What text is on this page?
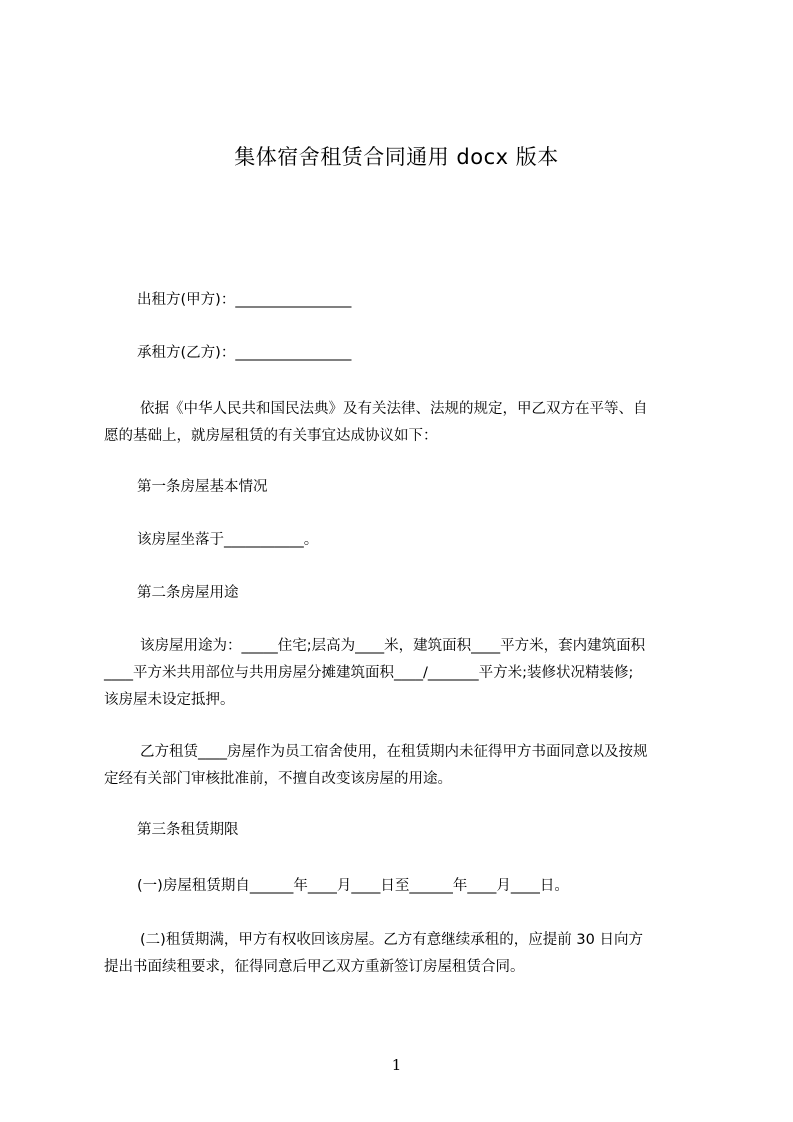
集体宿舍租赁合同通用 docx 版本
出租方(甲方)：________________
承租方(乙方)：________________
依据《中华人民共和国民法典》及有关法律、法规的规定，甲乙双方在平等、自
愿的基础上，就房屋租赁的有关事宜达成协议如下：
第一条房屋基本情况
该房屋坐落于___________。
第二条房屋用途
该房屋用途为：_____住宅;层高为____米，建筑面积____平方米，套内建筑面积
____平方米共用部位与共用房屋分摊建筑面积____/_______平方米;装修状况精装修;
该房屋未设定抵押。
乙方租赁____房屋作为员工宿舍使用，在租赁期内未征得甲方书面同意以及按规
定经有关部门审核批准前，不擅自改变该房屋的用途。
第三条租赁期限
(一)房屋租赁期自______年____月____日至______年____月____日。
(二)租赁期满，甲方有权收回该房屋。乙方有意继续承租的，应提前 30 日向方
提出书面续租要求，征得同意后甲乙双方重新签订房屋租赁合同。
1
